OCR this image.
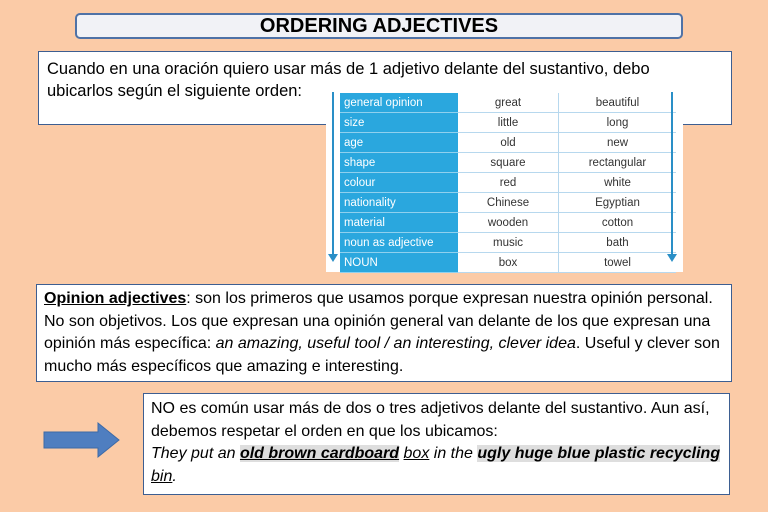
ORDERING ADJECTIVES
Cuando en una oración quiero usar más de 1 adjetivo delante del sustantivo, debo
ubicarlos según el siguiente orden:
general opinion	great	beautiful
size	little	long
age	old	new
shape	square	rectangular
colour	red	white
nationality	Chinese	Egyptian
material	wooden	cotton
noun as adjective	music	bath
NOUN	box	towel
Opinion adjectives: son los primeros que usamos porque expresan nuestra opinión personal. No son objetivos. Los que expresan una opinión general van delante de los que expresan una opinión más específica: an amazing, useful tool / an interesting, clever idea. Useful y clever son mucho más específicos que amazing e interesting.
NO es común usar más de dos o tres adjetivos delante del sustantivo. Aun así, debemos respetar el orden en que los ubicamos:
They put an old brown cardboard box in the ugly huge blue plastic recycling bin.
